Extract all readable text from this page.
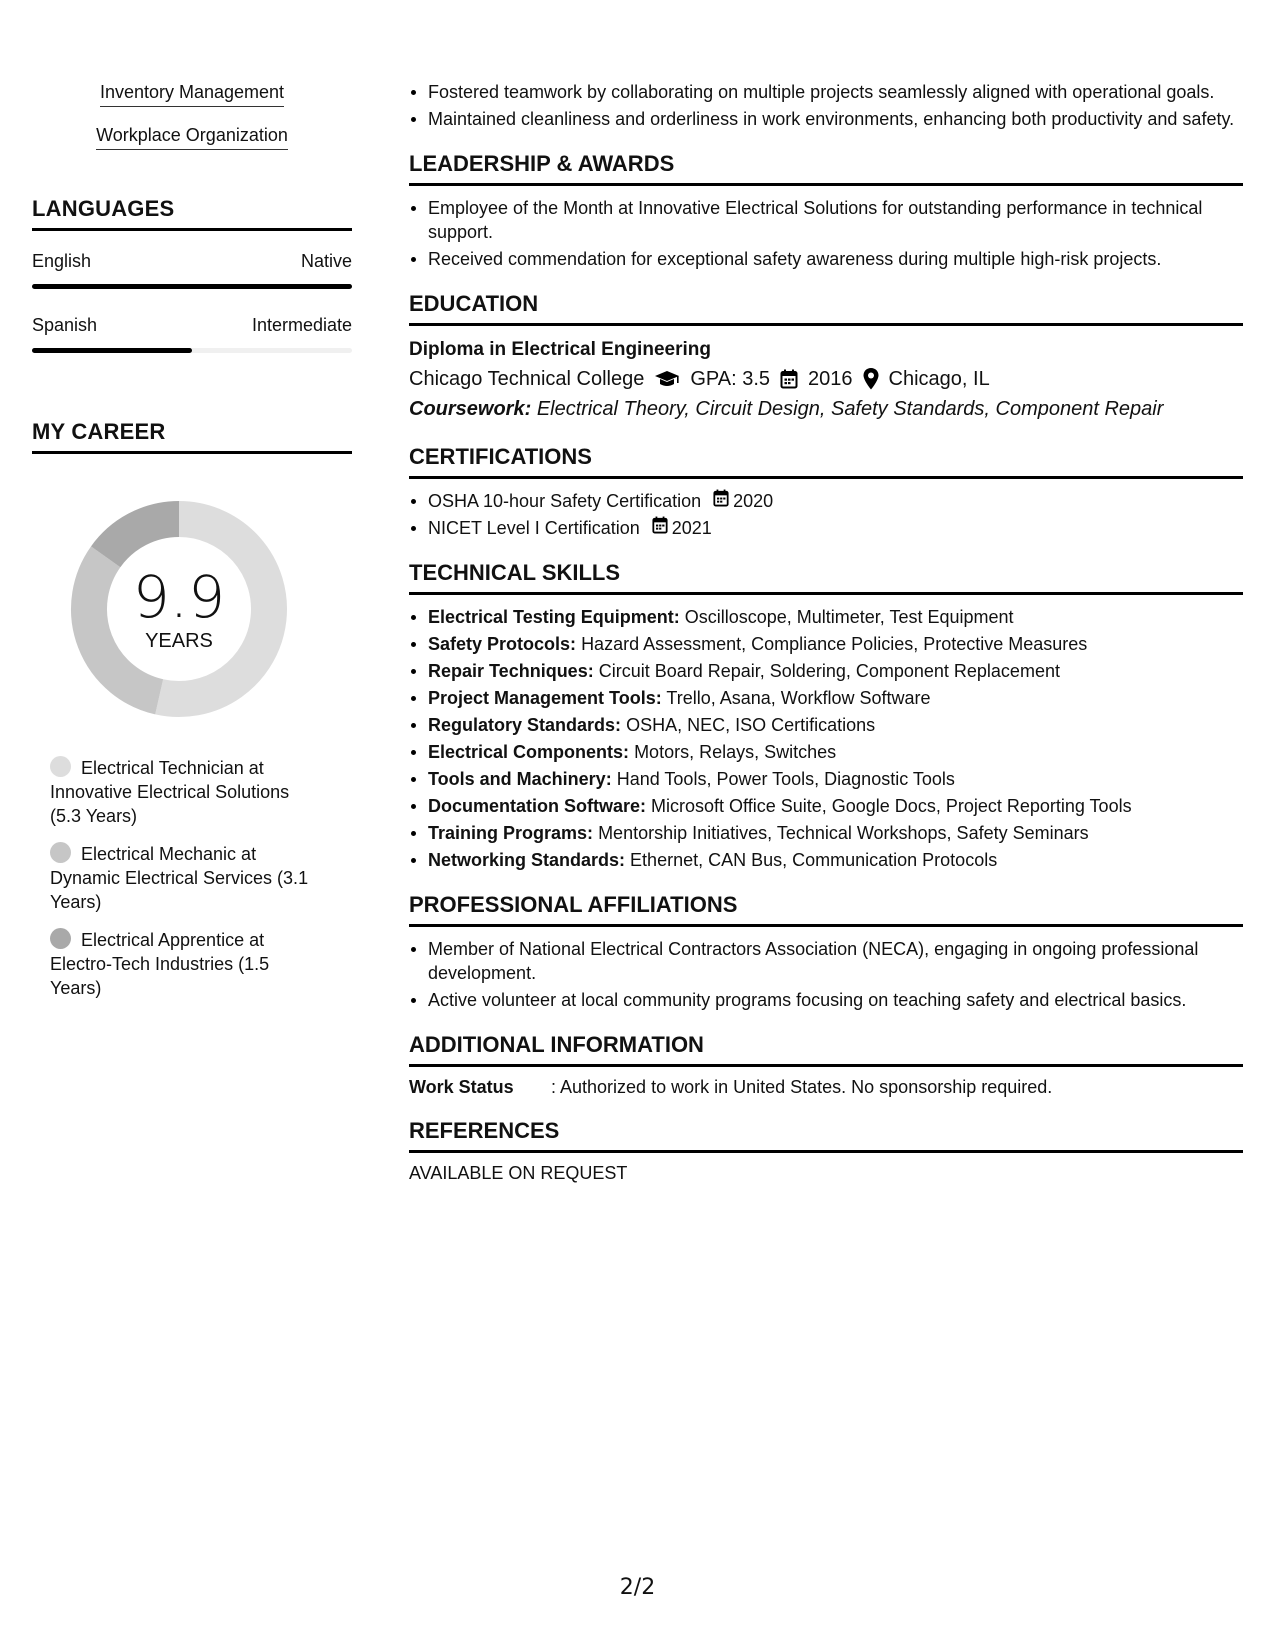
Inventory Management
Workplace Organization
LANGUAGES
English	Native
Spanish	Intermediate
MY CAREER
9.9
YEARS
Electrical Technician at Innovative Electrical Solutions (5.3 Years)
Electrical Mechanic at Dynamic Electrical Services (3.1 Years)
Electrical Apprentice at Electro-Tech Industries (1.5 Years)
Fostered teamwork by collaborating on multiple projects seamlessly aligned with operational goals.
Maintained cleanliness and orderliness in work environments, enhancing both productivity and safety.
LEADERSHIP & AWARDS
Employee of the Month at Innovative Electrical Solutions for outstanding performance in technical support.
Received commendation for exceptional safety awareness during multiple high-risk projects.
EDUCATION
Diploma in Electrical Engineering
Chicago Technical College GPA: 3.5 2016 Chicago, IL
Coursework: Electrical Theory, Circuit Design, Safety Standards, Component Repair
CERTIFICATIONS
OSHA 10-hour Safety Certification 2020
NICET Level I Certification 2021
TECHNICAL SKILLS
Electrical Testing Equipment: Oscilloscope, Multimeter, Test Equipment
Safety Protocols: Hazard Assessment, Compliance Policies, Protective Measures
Repair Techniques: Circuit Board Repair, Soldering, Component Replacement
Project Management Tools: Trello, Asana, Workflow Software
Regulatory Standards: OSHA, NEC, ISO Certifications
Electrical Components: Motors, Relays, Switches
Tools and Machinery: Hand Tools, Power Tools, Diagnostic Tools
Documentation Software: Microsoft Office Suite, Google Docs, Project Reporting Tools
Training Programs: Mentorship Initiatives, Technical Workshops, Safety Seminars
Networking Standards: Ethernet, CAN Bus, Communication Protocols
PROFESSIONAL AFFILIATIONS
Member of National Electrical Contractors Association (NECA), engaging in ongoing professional development.
Active volunteer at local community programs focusing on teaching safety and electrical basics.
ADDITIONAL INFORMATION
Work Status	: Authorized to work in United States. No sponsorship required.
REFERENCES
AVAILABLE ON REQUEST
2/2
